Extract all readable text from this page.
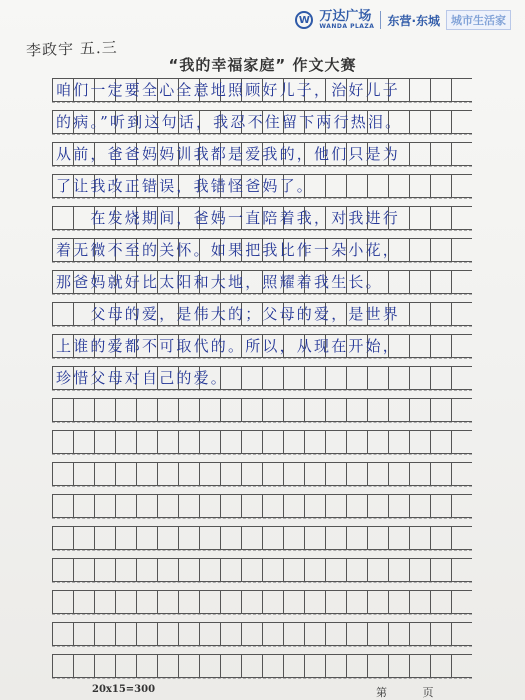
W 万达广场
WANDA PLAZA 东营·东城	城市生活家
李政宇 五.三
“我的幸福家庭” 作文大赛
咱们一定要全心全意地照顾好儿子，治好儿子
的病。”听到这句话，我忍不住留下两行热泪。
从前，爸爸妈妈训我都是爱我的，他们只是为
了让我改正错误，我错怪爸妈了。
　　在发烧期间，爸妈一直陪着我，对我进行
着无微不至的关怀。如果把我比作一朵小花，
那爸妈就好比太阳和大地，照耀着我生长。
　　父母的爱，是伟大的；父母的爱，是世界
上谁的爱都不可取代的。所以，从现在开始，
珍惜父母对自己的爱。
20x15=300	第 页
